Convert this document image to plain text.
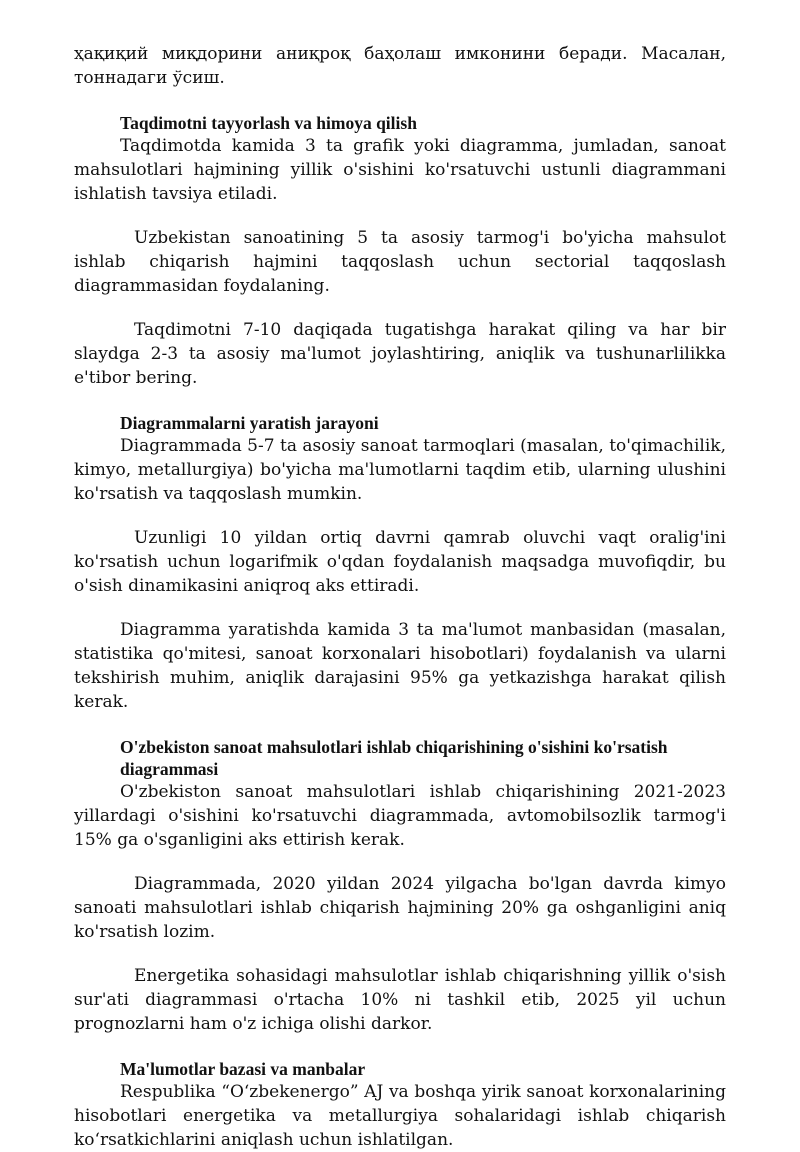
ҳақиқий миқдорини аниқроқ баҳолаш имконини беради. Масалан, тоннадаги ўсиш.

Taqdimotni tayyorlash va himoya qilish

Taqdimotda kamida 3 ta grafik yoki diagramma, jumladan, sanoat mahsulotlari hajmining yillik o'sishini ko'rsatuvchi ustunli diagrammani ishlatish tavsiya etiladi.

Uzbekistan sanoatining 5 ta asosiy tarmog'i bo'yicha mahsulot ishlab chiqarish hajmini taqqoslash uchun sectorial taqqoslash diagrammasidan foydalaning.

Taqdimotni 7-10 daqiqada tugatishga harakat qiling va har bir slaydga 2-3 ta asosiy ma'lumot joylashtiring, aniqlik va tushunarlilikka e'tibor bering.

Diagrammalarni yaratish jarayoni

Diagrammada 5-7 ta asosiy sanoat tarmoqlari (masalan, to'qimachilik, kimyo, metallurgiya) bo'yicha ma'lumotlarni taqdim etib, ularning ulushini ko'rsatish va taqqoslash mumkin.

Uzunligi 10 yildan ortiq davrni qamrab oluvchi vaqt oralig'ini ko'rsatish uchun logarifmik o'qdan foydalanish maqsadga muvofiqdir, bu o'sish dinamikasini aniqroq aks ettiradi.

Diagramma yaratishda kamida 3 ta ma'lumot manbasidan (masalan, statistika qo'mitesi, sanoat korxonalari hisobotlari) foydalanish va ularni tekshirish muhim, aniqlik darajasini 95% ga yetkazishga harakat qilish kerak.

O'zbekiston sanoat mahsulotlari ishlab chiqarishining o'sishini ko'rsatish diagrammasi

O'zbekiston sanoat mahsulotlari ishlab chiqarishining 2021-2023 yillardagi o'sishini ko'rsatuvchi diagrammada, avtomobilsozlik tarmog'i 15% ga o'sganligini aks ettirish kerak.

Diagrammada, 2020 yildan 2024 yilgacha bo'lgan davrda kimyo sanoati mahsulotlari ishlab chiqarish hajmining 20% ga oshganligini aniq ko'rsatish lozim.

Energetika sohasidagi mahsulotlar ishlab chiqarishning yillik o'sish sur'ati diagrammasi o'rtacha 10% ni tashkil etib, 2025 yil uchun prognozlarni ham o'z ichiga olishi darkor.

Ma'lumotlar bazasi va manbalar

Respublika “O‘zbekenergo” AJ va boshqa yirik sanoat korxonalarining hisobotlari energetika va metallurgiya sohalaridagi ishlab chiqarish ko‘rsatkichlarini aniqlash uchun ishlatilgan.
